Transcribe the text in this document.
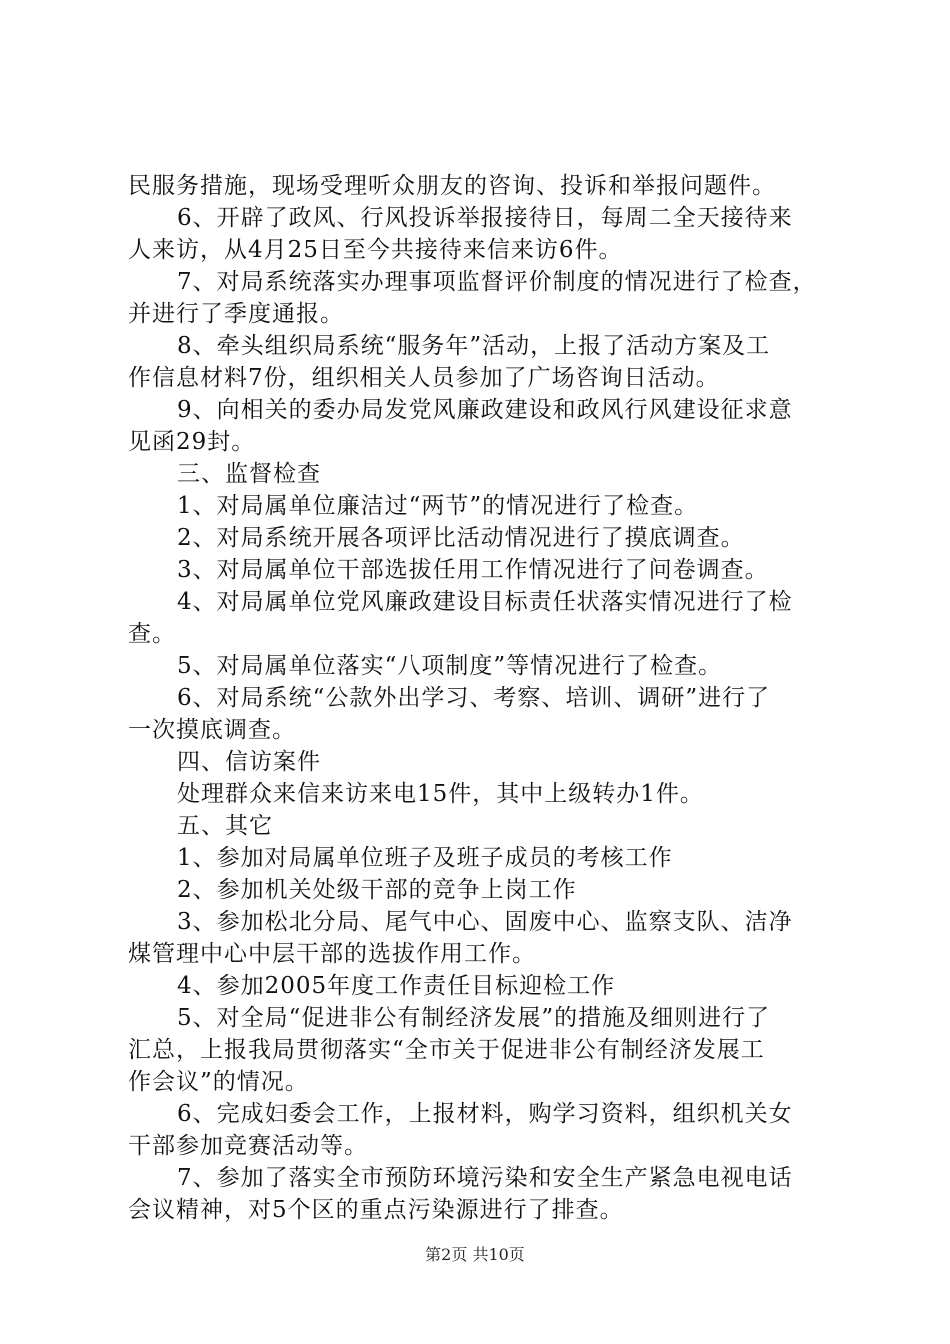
民服务措施，现场受理听众朋友的咨询、投诉和举报问题件。
6、开辟了政风、行风投诉举报接待日，每周二全天接待来
人来访，从4月25日至今共接待来信来访6件。
7、对局系统落实办理事项监督评价制度的情况进行了检查，
并进行了季度通报。
8、牵头组织局系统“服务年”活动，上报了活动方案及工
作信息材料7份，组织相关人员参加了广场咨询日活动。
9、向相关的委办局发党风廉政建设和政风行风建设征求意
见函29封。
三、监督检查
1、对局属单位廉洁过“两节”的情况进行了检查。
2、对局系统开展各项评比活动情况进行了摸底调查。
3、对局属单位干部选拔任用工作情况进行了问卷调查。
4、对局属单位党风廉政建设目标责任状落实情况进行了检
查。
5、对局属单位落实“八项制度”等情况进行了检查。
6、对局系统“公款外出学习、考察、培训、调研”进行了
一次摸底调查。
四、信访案件
处理群众来信来访来电15件，其中上级转办1件。
五、其它
1、参加对局属单位班子及班子成员的考核工作
2、参加机关处级干部的竞争上岗工作
3、参加松北分局、尾气中心、固废中心、监察支队、洁净
煤管理中心中层干部的选拔作用工作。
4、参加2005年度工作责任目标迎检工作
5、对全局“促进非公有制经济发展”的措施及细则进行了
汇总，上报我局贯彻落实“全市关于促进非公有制经济发展工
作会议”的情况。
6、完成妇委会工作，上报材料，购学习资料，组织机关女
干部参加竞赛活动等。
7、参加了落实全市预防环境污染和安全生产紧急电视电话
会议精神，对5个区的重点污染源进行了排查。
第2页 共10页
